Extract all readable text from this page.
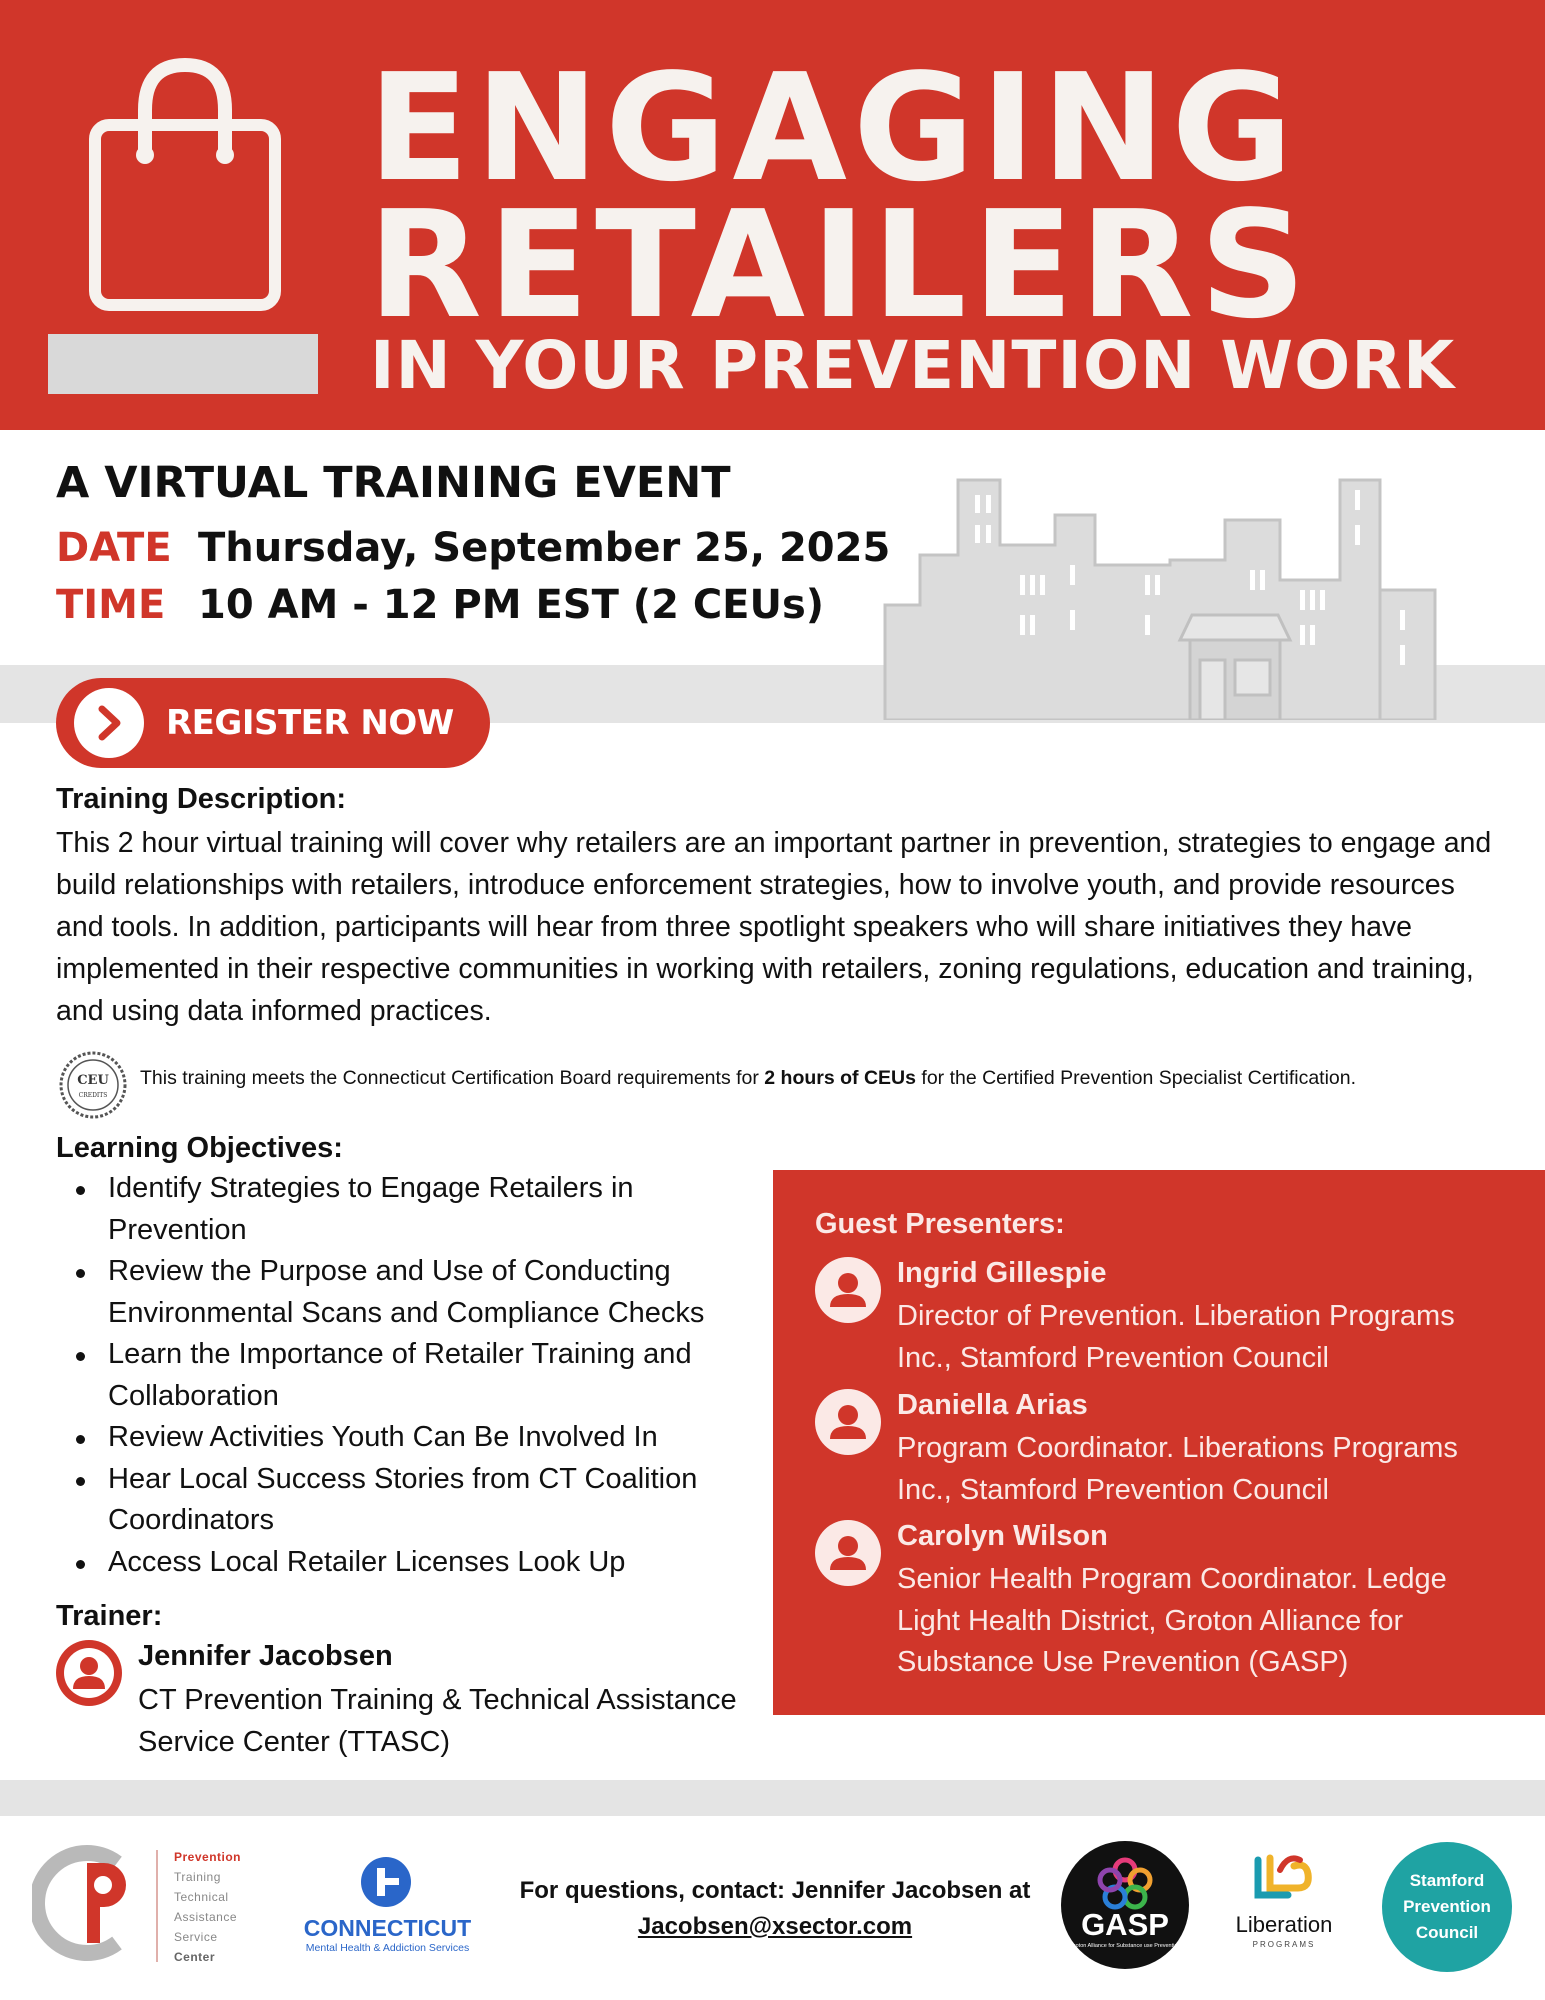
ENGAGING
RETAILERS
IN YOUR PREVENTION WORK
A VIRTUAL TRAINING EVENT
DATE Thursday, September 25, 2025
TIME 10 AM - 12 PM EST (2 CEUs)
REGISTER NOW
Training Description:
This 2 hour virtual training will cover why retailers are an important partner in prevention, strategies to engage and build relationships with retailers, introduce enforcement strategies, how to involve youth, and provide resources and tools. In addition, participants will hear from three spotlight speakers who will share initiatives they have implemented in their respective communities in working with retailers, zoning regulations, education and training, and using data informed practices.
CEU
CREDITS
This training meets the Connecticut Certification Board requirements for 2 hours of CEUs for the Certified Prevention Specialist Certification.
Learning Objectives:
Identify Strategies to Engage Retailers in Prevention
Review the Purpose and Use of Conducting Environmental Scans and Compliance Checks
Learn the Importance of Retailer Training and Collaboration
Review Activities Youth Can Be Involved In
Hear Local Success Stories from CT Coalition Coordinators
Access Local Retailer Licenses Look Up
Trainer:
Jennifer Jacobsen
CT Prevention Training & Technical Assistance Service Center (TTASC)
Guest Presenters:
Ingrid Gillespie
Director of Prevention. Liberation Programs Inc., Stamford Prevention Council
Daniella Arias
Program Coordinator. Liberations Programs Inc., Stamford Prevention Council
Carolyn Wilson
Senior Health Program Coordinator. Ledge Light Health District, Groton Alliance for Substance Use Prevention (GASP)
Prevention
Training
Technical
Assistance
Service
Center
CONNECTICUT
Mental Health & Addiction Services
For questions, contact: Jennifer Jacobsen at
Jacobsen@xsector.com	GASP
Groton Alliance for Substance use Prevention
Liberation
PROGRAMS
Stamford
Prevention
Council
